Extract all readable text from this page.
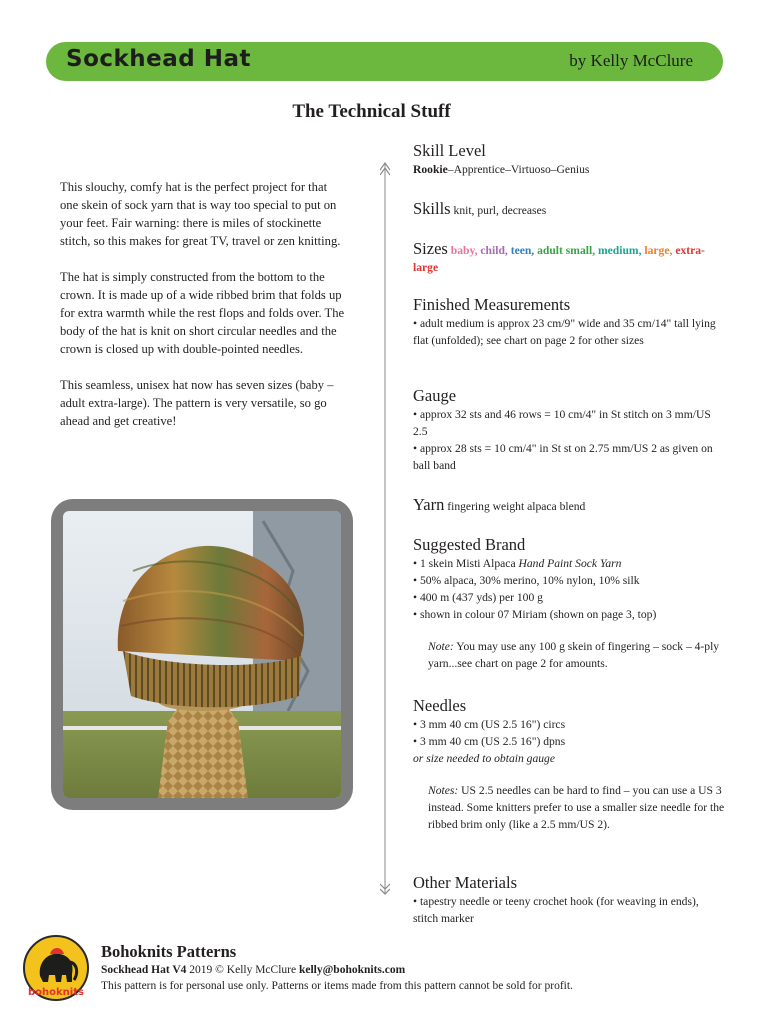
Sockhead Hat	by Kelly McClure
The Technical Stuff

This slouchy, comfy hat is the perfect project for that one skein of sock yarn that is way too special to put on your feet. Fair warning: there is miles of stockinette stitch, so this makes for great TV, travel or zen knitting.

The hat is simply constructed from the bottom to the crown. It is made up of a wide ribbed brim that folds up for extra warmth while the rest flops and folds over. The body of the hat is knit on short circular needles and the crown is closed up with double-pointed needles.

This seamless, unisex hat now has seven sizes (baby – adult extra-large). The pattern is very versatile, so go ahead and get creative!

Skill Level
Rookie–Apprentice–Virtuoso–Genius
Skills knit, purl, decreases
Sizes baby, child, teen, adult small, medium, large, extra-large
Finished Measurements
• adult medium is approx 23 cm/9" wide and 35 cm/14" tall lying flat (unfolded); see chart on page 2 for other sizes
Gauge
• approx 32 sts and 46 rows = 10 cm/4" in St stitch on 3 mm/US 2.5
• approx 28 sts = 10 cm/4" in St st on 2.75 mm/US 2 as given on ball band
Yarn fingering weight alpaca blend
Suggested Brand
• 1 skein Misti Alpaca Hand Paint Sock Yarn
• 50% alpaca, 30% merino, 10% nylon, 10% silk
• 400 m (437 yds) per 100 g
• shown in colour 07 Miriam (shown on page 3, top)
Note: You may use any 100 g skein of fingering – sock – 4-ply yarn...see chart on page 2 for amounts.
Needles
• 3 mm 40 cm (US 2.5 16") circs
• 3 mm 40 cm (US 2.5 16") dpns
or size needed to obtain gauge
Notes: US 2.5 needles can be hard to find – you can use a US 3 instead. Some knitters prefer to use a smaller size needle for the ribbed brim only (like a 2.5 mm/US 2).
Other Materials
• tapestry needle or teeny crochet hook (for weaving in ends), stitch marker
bohoknits
Bohoknits Patterns
Sockhead Hat V4 2019 © Kelly McClure kelly@bohoknits.com
This pattern is for personal use only. Patterns or items made from this pattern cannot be sold for profit.
